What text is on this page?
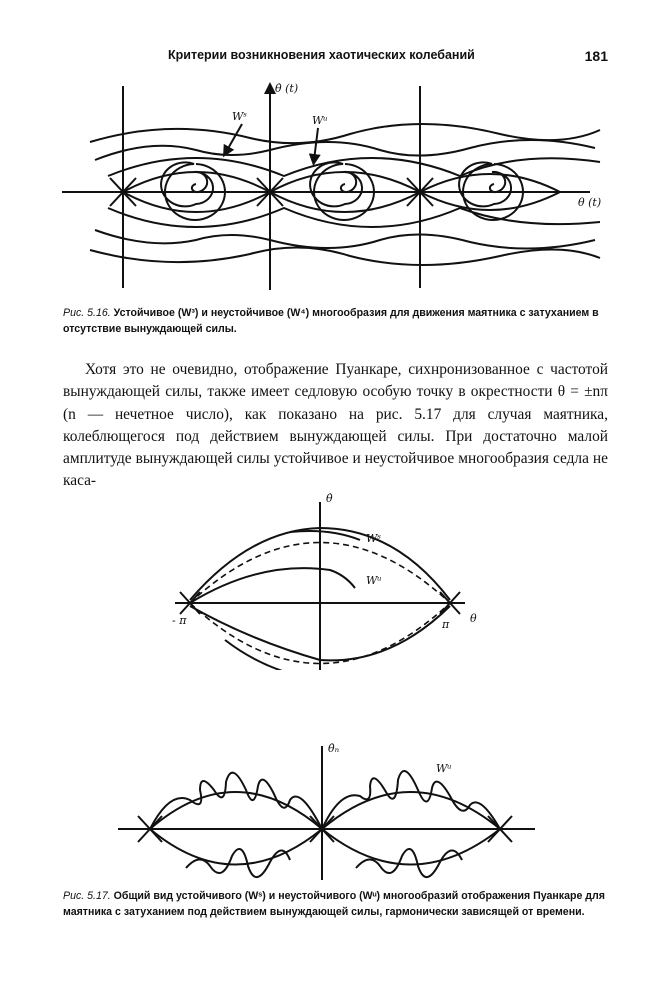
Критерии возникновения хаотических колебаний	181
θ̇ (t)
θ (t)
Wˢ	Wᵘ
Рис. 5.16. Устойчивое (W³) и неустойчивое (W⁴) многообразия для движения маятника с затуханием в отсутствие вынуждающей силы.

Хотя это не очевидно, отображение Пуанкаре, сихнронизованное с частотой вынуждающей силы, также имеет седловую особую точку в окрестности θ = ±nπ (n — нечетное число), как показано на рис. 5.17 для случая маятника, колеблющегося под действием вынуждающей силы. При достаточно малой амплитуде вынуждающей силы устойчивое и неустойчивое многообразия седла не каса-

θ̇
θ
- π	π
Wˢ
Wᵘ
θ̇ₙ
Wᵘ
Рис. 5.17. Общий вид устойчивого (Wˢ) и неустойчивого (Wᵘ) многообразий отображения Пуанкаре для маятника с затуханием под действием вынуждающей силы, гармонически зависящей от времени.
